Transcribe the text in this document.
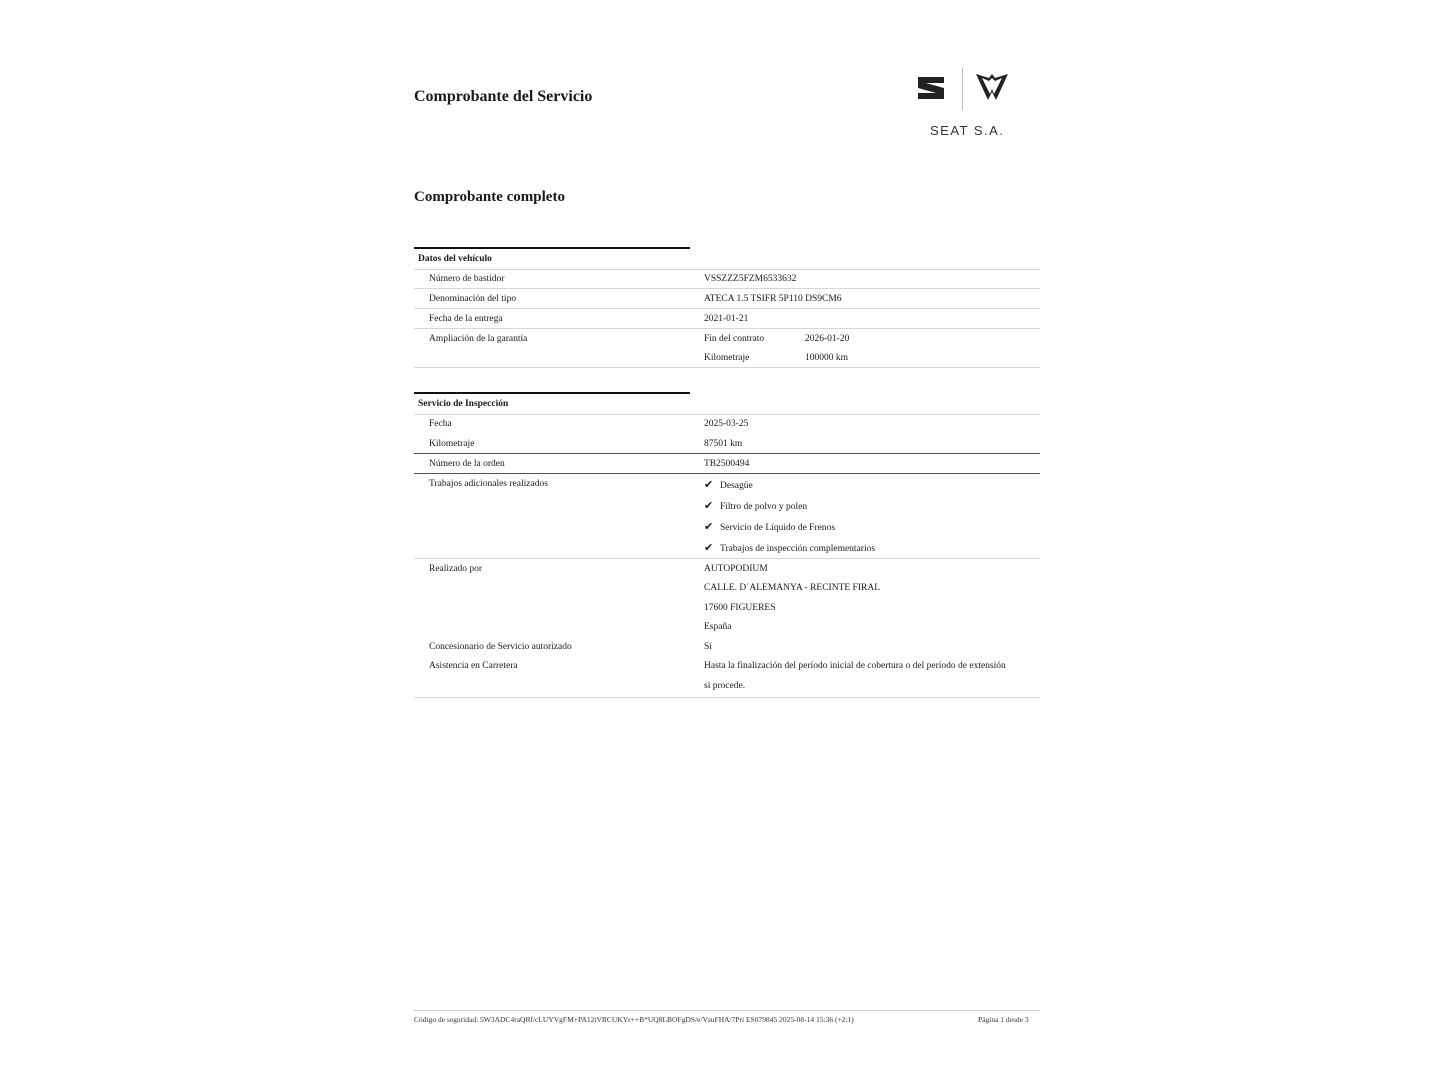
Comprobante del Servicio
Comprobante completo
SEAT S.A.
Datos del vehículo
Número de bastidor	VSSZZZ5FZM6533632
Denominación del tipo	ATECA 1.5 TSIFR 5P110 DS9CM6
Fecha de la entrega	2021-01-21
Ampliación de la garantía	Fin del contrato	2026-01-20
Kilometraje	100000 km
Servicio de Inspección
Fecha	2025-03-25
Kilometraje	87501 km
Número de la orden	TB2500494
Trabajos adicionales realizados	✔ Desagüe
✔ Filtro de polvo y polen
✔ Servicio de Líquido de Frenos
✔ Trabajos de inspección complementarios
Realizado por	AUTOPODIUM
CALLE. D´ALEMANYA - RECINTE FIRAL
17600 FIGUERES
España
Concesionario de Servicio autorizado	Sí
Asistencia en Carretera	Hasta la finalización del período inicial de cobertura o del período de extensión
si procede.
Código de seguridad: 5W3ADC4raQRf/cLUYVgFM+PA12tVRCUKYr++B*UQ8LBOFgDS/e/VsuFHA/7Pri ES079845 2025-08-14 15:36 (+2:1)	Página 1 desde 3
